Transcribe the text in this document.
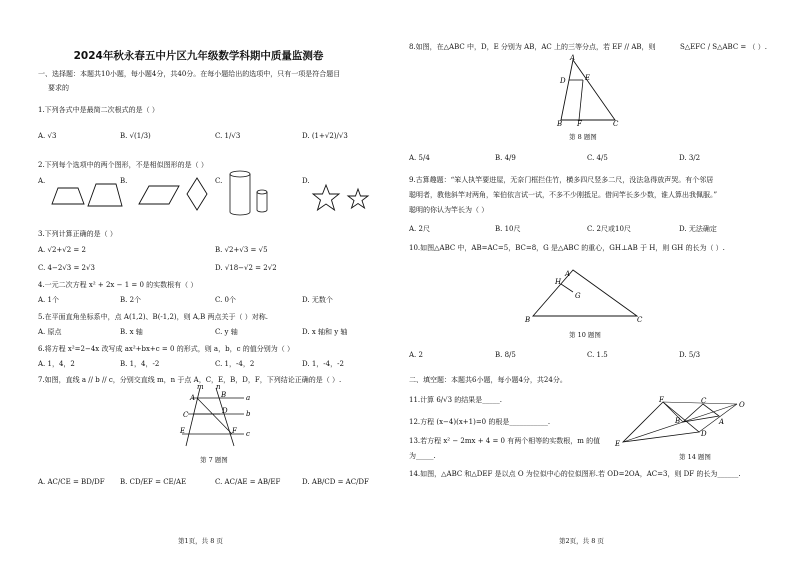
2024年秋永春五中片区九年级数学科期中质量监测卷
一、选择题：本题共10小题，每小题4分，共40分。在每小题给出的选项中，只有一项是符合题目
要求的
1.下列各式中是最简二次根式的是（ ）
A. √3	B. √(1/3)	C. 1/√3	D. (1+√2)/√3
2.下列每个选项中的两个图形，不是相似图形的是（ ）
A.	B.	C.	D.
3.下列计算正确的是（ ）
A. √2+√2 = 2	B. √2+√3 = √5
C. 4−2√3 = 2√3	D. √18−√2 = 2√2
4.一元二次方程 x² + 2x − 1 = 0 的实数根有（ ）
A. 1个	B. 2个	C. 0个	D. 无数个
5.在平面直角坐标系中，点 A(1,2)、B(-1,2)，则 A,B 两点关于（ ）对称.
A. 原点	B. x 轴	C. y 轴	D. x 轴和 y 轴
6.将方程 x²=2−4x 改写成 ax²+bx+c = 0 的形式，则 a，b，c 的值分别为（ ）
A. 1，4，2	B. 1，4，-2	C. 1，-4，2	D. 1，-4，-2
7.如图，直线 a // b // c，分别交直线 m，n 于点 A，C，E，B，D，F，下列结论正确的是（ ）.
m n
A	B	a
C	D	b
E	F c
第 7 题图
A. AC/CE = BD/DF B. CD/EF = CE/AE	C. AC/AE = AB/EF	D. AB/CD = AC/DF
第1页，共 8 页
8.如图，在△ABC 中，D，E 分别为 AB，AC 上的三等分点，若 EF // AB，则	S△EFC / S△ABC = （ ）.
A
D	E
B F	C
第 8 题图
A. 5/4	B. 4/9	C. 4/5	D. 3/2
9.古算趣题：“笨人执竿要进屋，无奈门框拦住竹，横多四尺竖多二尺，没法急得放声哭。有个邻居
聪明者，教他斜竿对两角，笨伯依言试一试，不多不少刚抵足。借问竿长多少数，谁人算出我佩服。”
聪明的你认为竿长为（ ）
A. 2尺	B. 10尺	C. 2尺或10尺	D. 无法确定
10.如图△ABC 中，AB=AC=5，BC=8，G 是△ABC 的重心，GH⊥AB 于 H，则 GH 的长为（ ）.
A
H
G
B	C
第 10 题图
A. 2	B. 8/5	C. 1.5	D. 5/3
二、填空题：本题共6小题，每小题4分，共24分。
11.计算 6/√3 的结果是_____.
12.方程 (x−4)(x+1)=0 的根是___________.
13.若方程 x² − 2mx + 4 = 0 有两个相等的实数根，m 的值
为_____.
F	C	O
B	A
D
E
第 14 题图
14.如图，△ABC 和△DEF 是以点 O 为位似中心的位似图形.若 OD=2OA，AC=3，则 DF 的长为______.
第2页，共 8 页
